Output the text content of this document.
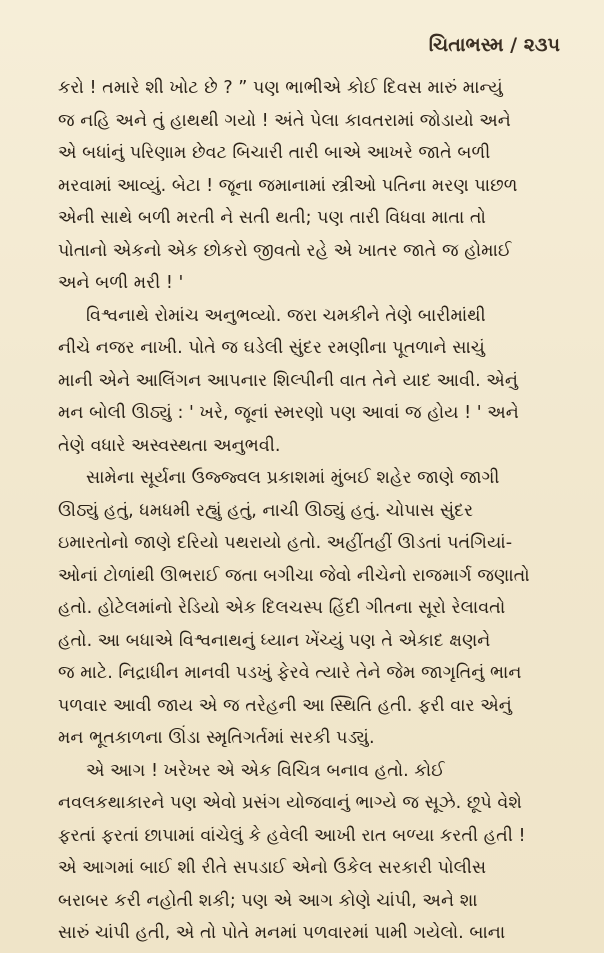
ચિતાભસ્મ / ૨૩૫
કરો ! તમારે શી ખોટ છે ? ” પણ ભાભીએ કોઈ દિવસ મારું માન્યું
જ નહિ અને તું હાથથી ગયો ! અંતે પેલા કાવતરામાં જોડાયો અને
એ બધાંનું પરિણામ છેવટ બિચારી તારી બાએ આખરે જાતે બળી
મરવામાં આવ્યું. બેટા ! જૂના જમાનામાં સ્ત્રીઓ પતિના મરણ પાછળ
એની સાથે બળી મરતી ને સતી થતી; પણ તારી વિધવા માતા તો
પોતાનો એકનો એક છોકરો જીવતો રહે એ ખાતર જાતે જ હોમાઈ
અને બળી મરી ! '
વિશ્વનાથે રોમાંચ અનુભવ્યો. જરા ચમકીને તેણે બારીમાંથી
નીચે નજર નાખી. પોતે જ ઘડેલી સુંદર રમણીના પૂતળાને સાચું
માની એને આલિંગન આપનાર શિલ્પીની વાત તેને યાદ આવી. એનું
મન બોલી ઊઠ્યું : ' ખરે, જૂનાં સ્મરણો પણ આવાં જ હોય ! ' અને
તેણે વધારે અસ્વસ્થતા અનુભવી.
સામેના સૂર્યના ઉજ્જ્વલ પ્રકાશમાં મુંબઈ શહેર જાણે જાગી
ઊઠ્યું હતું, ધમધમી રહ્યું હતું, નાચી ઊઠ્યું હતું. ચોપાસ સુંદર
ઇમારતોનો જાણે દરિયો પથરાયો હતો. અહીંતહીં ઊડતાં પતંગિયાં-
ઓનાં ટોળાંથી ઊભરાઈ જતા બગીચા જેવો નીચેનો રાજમાર્ગ જણાતો
હતો. હોટેલમાંનો રેડિયો એક દિલચસ્પ હિંદી ગીતના સૂરો રેલાવતો
હતો. આ બધાએ વિશ્વનાથનું ધ્યાન ખેંચ્યું પણ તે એકાદ ક્ષણને
જ માટે. નિદ્રાધીન માનવી પડખું ફેરવે ત્યારે તેને જેમ જાગૃતિનું ભાન
પળવાર આવી જાય એ જ તરેહની આ સ્થિતિ હતી. ફરી વાર એનું
મન ભૂતકાળના ઊંડા સ્મૃતિગર્તમાં સરકી પડ્યું.
એ આગ ! ખરેખર એ એક વિચિત્ર બનાવ હતો. કોઈ
નવલકથાકારને પણ એવો પ્રસંગ યોજવાનું ભાગ્યે જ સૂઝે. છૂપે વેશે
ફરતાં ફરતાં છાપામાં વાંચેલું કે હવેલી આખી રાત બળ્યા કરતી હતી !
એ આગમાં બાઈ શી રીતે સપડાઈ એનો ઉકેલ સરકારી પોલીસ
બરાબર કરી નહોતી શકી; પણ એ આગ કોણે ચાંપી, અને શા
સારું ચાંપી હતી, એ તો પોતે મનમાં પળવારમાં પામી ગયેલો. બાના
